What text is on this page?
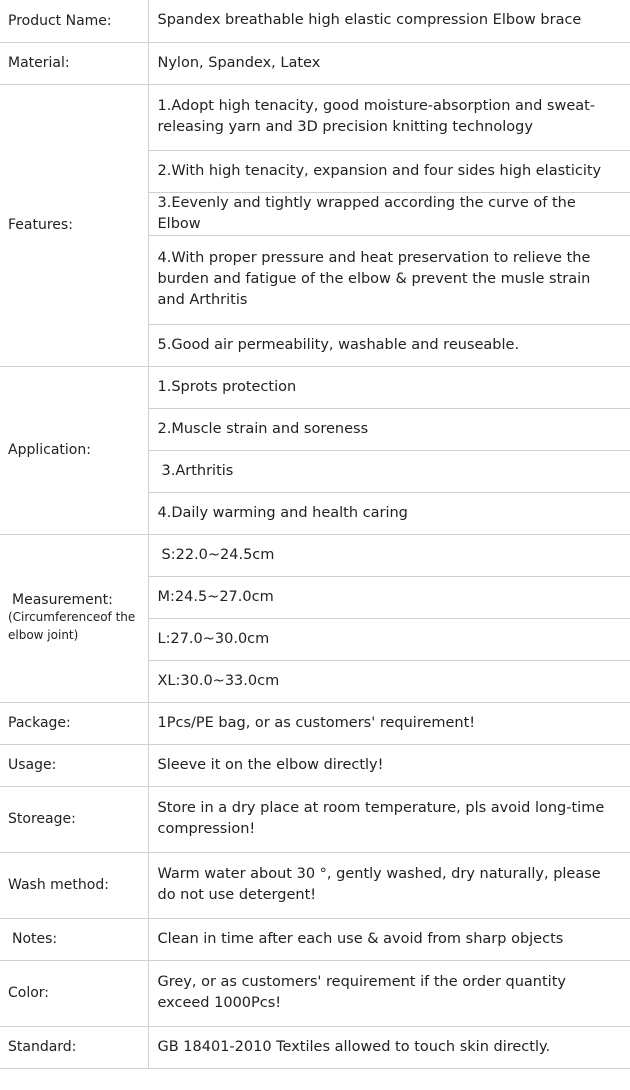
Product Name:	Spandex breathable high elastic compression Elbow brace
Material:	Nylon, Spandex, Latex
Features:	1.Adopt high tenacity, good moisture-absorption and sweat-releasing yarn and 3D precision knitting technology
	2.With high tenacity, expansion and four sides high elasticity
	3.Eevenly and tightly wrapped according the curve of the Elbow
	4.With proper pressure and heat preservation to relieve the burden and fatigue of the elbow & prevent the musle strain and Arthritis
	5.Good air permeability, washable and reuseable.
Application:	1.Sprots protection
	2.Muscle strain and soreness
	3.Arthritis
	4.Daily warming and health caring
Measurement:
(Circumferenceof the elbow joint)	S:22.0~24.5cm
	M:24.5~27.0cm
	L:27.0~30.0cm
	XL:30.0~33.0cm
Package:	1Pcs/PE bag, or as customers' requirement!
Usage:	Sleeve it on the elbow directly!
Storeage:	Store in a dry place at room temperature, pls avoid long-time compression!
Wash method:	Warm water about 30 °, gently washed, dry naturally, please do not use detergent!
Notes:	Clean in time after each use & avoid from sharp objects
Color:	Grey, or as customers' requirement if the order quantity exceed 1000Pcs!
Standard:	GB 18401-2010 Textiles allowed to touch skin directly.
